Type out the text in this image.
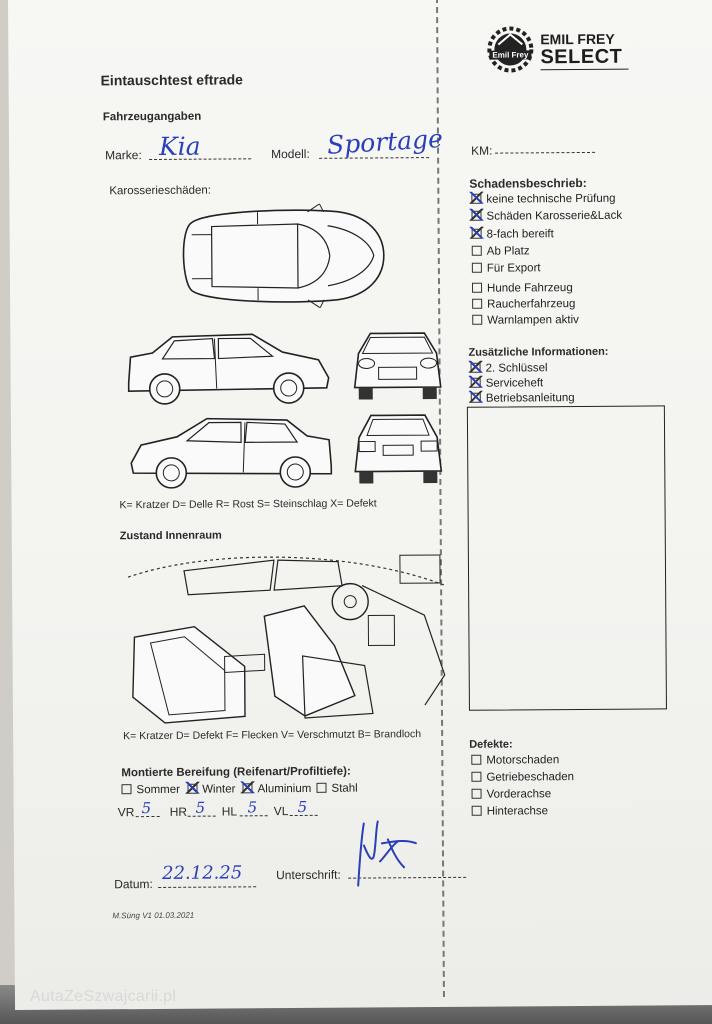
Eintauschtest eftrade
Emil Frey
EMIL FREY
SELECT
Fahrzeugangaben
Marke: Kia	Modell: Sportage KM:
Karosserieschäden:
K= Kratzer D= Delle R= Rost S= Steinschlag X= Defekt
Zustand Innenraum
K= Kratzer D= Defekt F= Flecken V= Verschmutzt B= Brandloch
Montierte Bereifung (Reifenart/Profiltiefe):
Sommer Winter Aluminium Stahl
VR 5 HR 5 HL 5 VL 5
Datum:
22.12.25	Unterschrift:
M.Süng V1 01.03.2021
Schadensbeschrieb:
keine technische Prüfung
Schäden Karosserie&Lack
8-fach bereift
Ab Platz
Für Export
Hunde Fahrzeug
Raucherfahrzeug
Warnlampen aktiv
Zusätzliche Informationen:
2. Schlüssel
Serviceheft
Betriebsanleitung
Defekte:
Motorschaden
Getriebeschaden
Vorderachse
Hinterachse
AutaZeSzwajcarii.pl
